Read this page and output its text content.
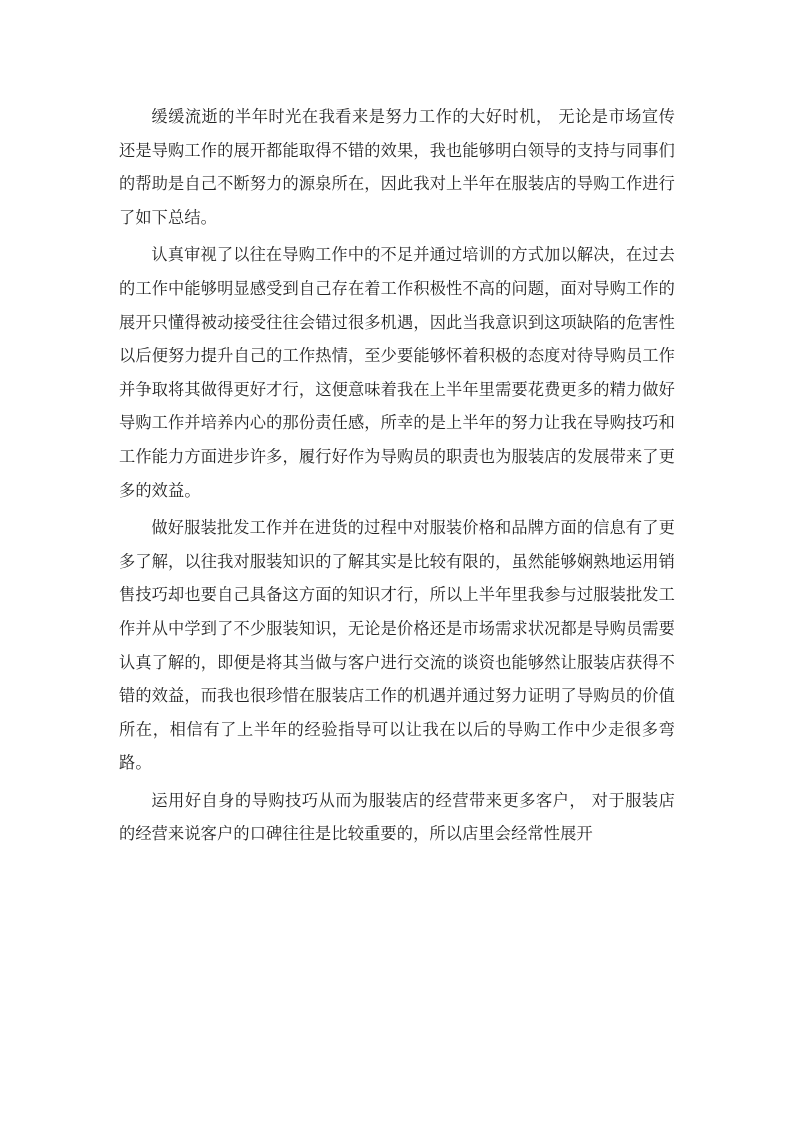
缓缓流逝的半年时光在我看来是努力工作的大好时机， 无论是市场宣传还是导购工作的展开都能取得不错的效果，我也能够明白领导的支持与同事们的帮助是自己不断努力的源泉所在，因此我对上半年在服装店的导购工作进行了如下总结。

认真审视了以往在导购工作中的不足并通过培训的方式加以解决，在过去的工作中能够明显感受到自己存在着工作积极性不高的问题，面对导购工作的展开只懂得被动接受往往会错过很多机遇，因此当我意识到这项缺陷的危害性以后便努力提升自己的工作热情，至少要能够怀着积极的态度对待导购员工作并争取将其做得更好才行，这便意味着我在上半年里需要花费更多的精力做好导购工作并培养内心的那份责任感，所幸的是上半年的努力让我在导购技巧和工作能力方面进步许多，履行好作为导购员的职责也为服装店的发展带来了更多的效益。

做好服装批发工作并在进货的过程中对服装价格和品牌方面的信息有了更多了解，以往我对服装知识的了解其实是比较有限的，虽然能够娴熟地运用销售技巧却也要自己具备这方面的知识才行，所以上半年里我参与过服装批发工作并从中学到了不少服装知识，无论是价格还是市场需求状况都是导购员需要认真了解的，即便是将其当做与客户进行交流的谈资也能够然让服装店获得不错的效益，而我也很珍惜在服装店工作的机遇并通过努力证明了导购员的价值所在，相信有了上半年的经验指导可以让我在以后的导购工作中少走很多弯路。

运用好自身的导购技巧从而为服装店的经营带来更多客户， 对于服装店的经营来说客户的口碑往往是比较重要的，所以店里会经常性展开
